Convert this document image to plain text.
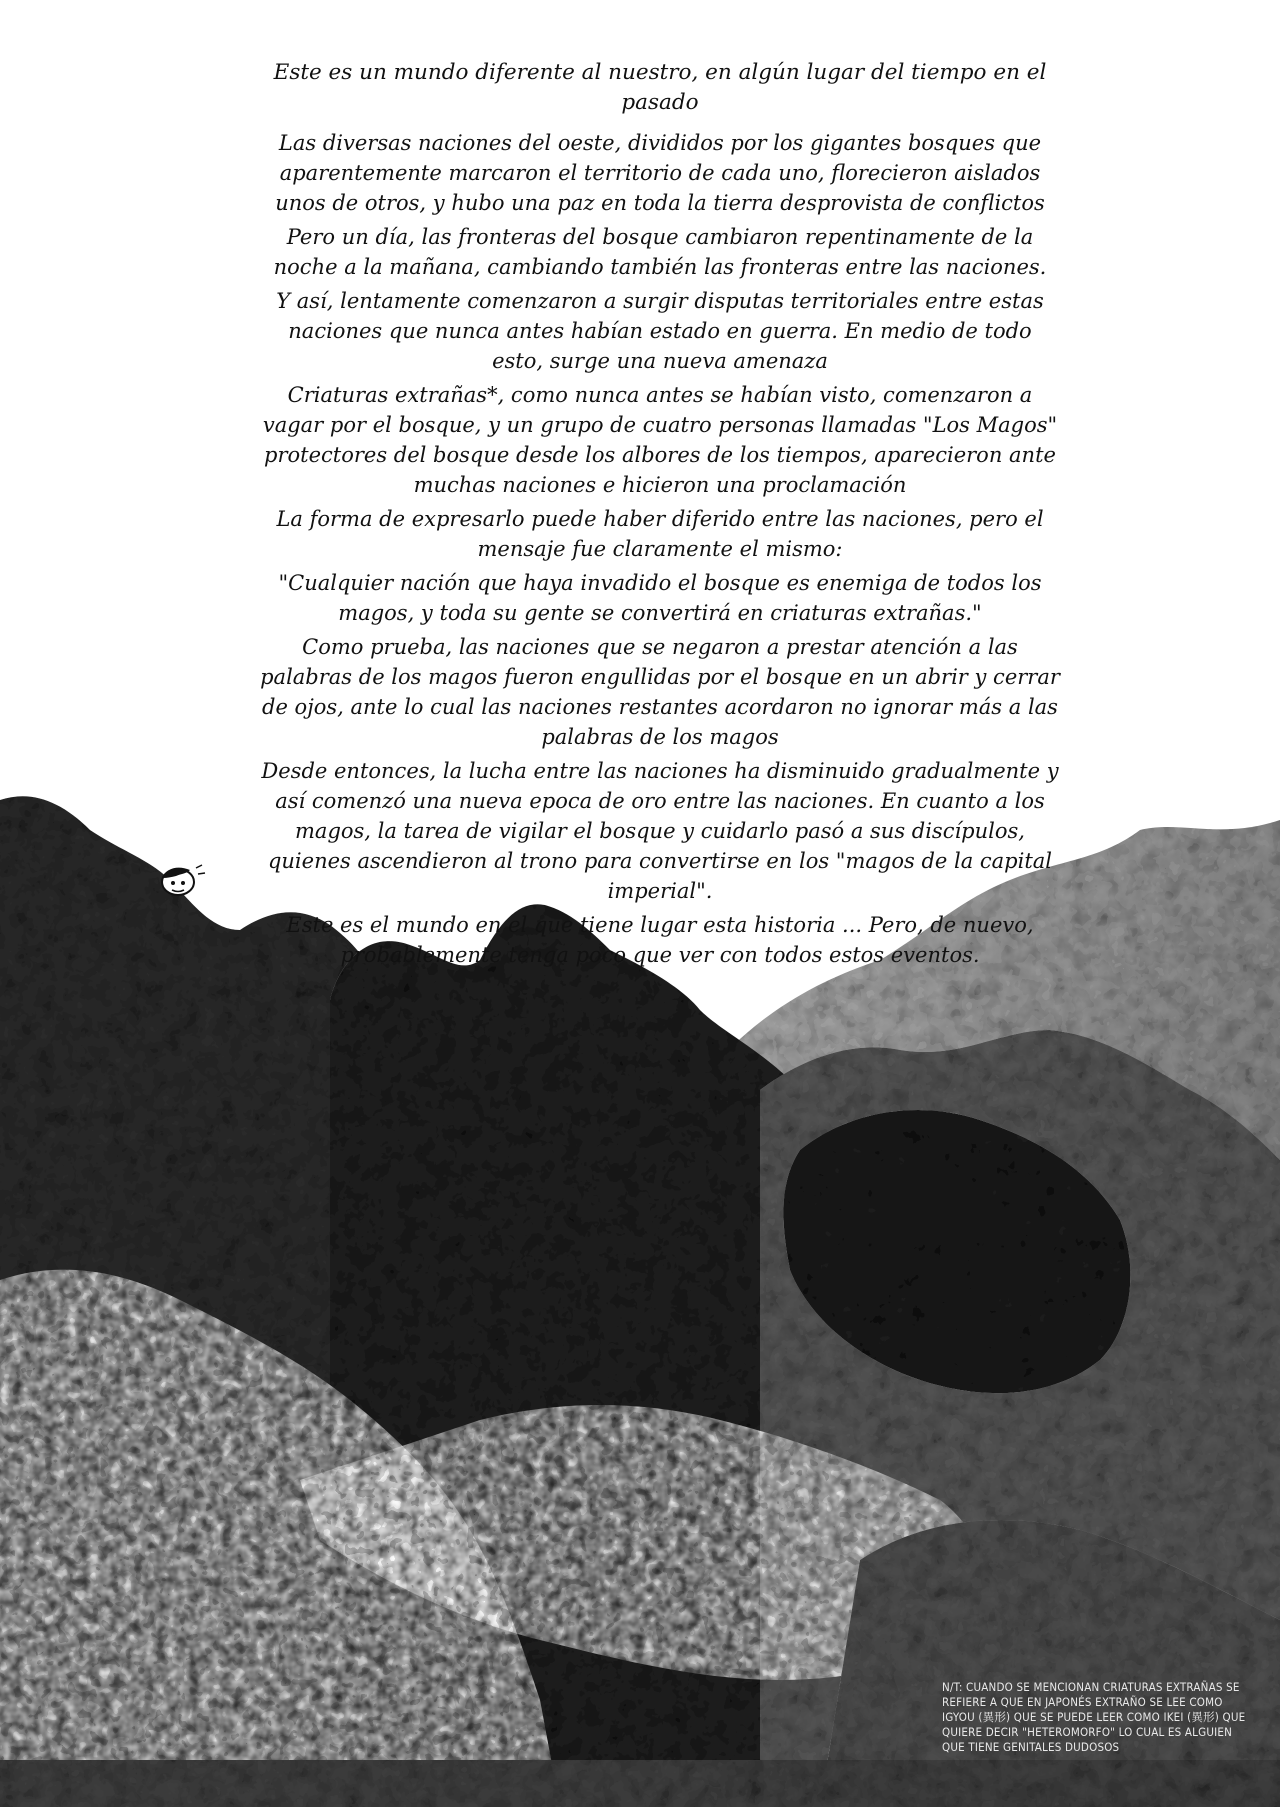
Este es un mundo diferente al nuestro, en algún lugar del tiempo en el pasado

Las diversas naciones del oeste, divididos por los gigantes bosques que aparentemente marcaron el territorio de cada uno, florecieron aislados unos de otros, y hubo una paz en toda la tierra desprovista de conflictos

Pero un día, las fronteras del bosque cambiaron repentinamente de la noche a la mañana, cambiando también las fronteras entre las naciones.

Y así, lentamente comenzaron a surgir disputas territoriales entre estas naciones que nunca antes habían estado en guerra. En medio de todo esto, surge una nueva amenaza

Criaturas extrañas*, como nunca antes se habían visto, comenzaron a vagar por el bosque, y un grupo de cuatro personas llamadas "Los Magos" protectores del bosque desde los albores de los tiempos, aparecieron ante muchas naciones e hicieron una proclamación

La forma de expresarlo puede haber diferido entre las naciones, pero el mensaje fue claramente el mismo:

"Cualquier nación que haya invadido el bosque es enemiga de todos los magos, y toda su gente se convertirá en criaturas extrañas."

Como prueba, las naciones que se negaron a prestar atención a las palabras de los magos fueron engullidas por el bosque en un abrir y cerrar de ojos, ante lo cual las naciones restantes acordaron no ignorar más a las palabras de los magos

Desde entonces, la lucha entre las naciones ha disminuido gradualmente y así comenzó una nueva epoca de oro entre las naciones. En cuanto a los magos, la tarea de vigilar el bosque y cuidarlo pasó a sus discípulos, quienes ascendieron al trono para convertirse en los "magos de la capital imperial".

Este es el mundo en el que tiene lugar esta historia ... Pero, de nuevo, probablemente tenga poco que ver con todos estos eventos.

N/T: CUANDO SE MENCIONAN CRIATURAS EXTRAÑAS SE REFIERE A QUE EN JAPONÉS EXTRAÑO SE LEE COMO IGYOU (異形) QUE SE PUEDE LEER COMO IKEI (異形) QUE QUIERE DECIR "HETEROMORFO" LO CUAL ES ALGUIEN QUE TIENE GENITALES DUDOSOS
